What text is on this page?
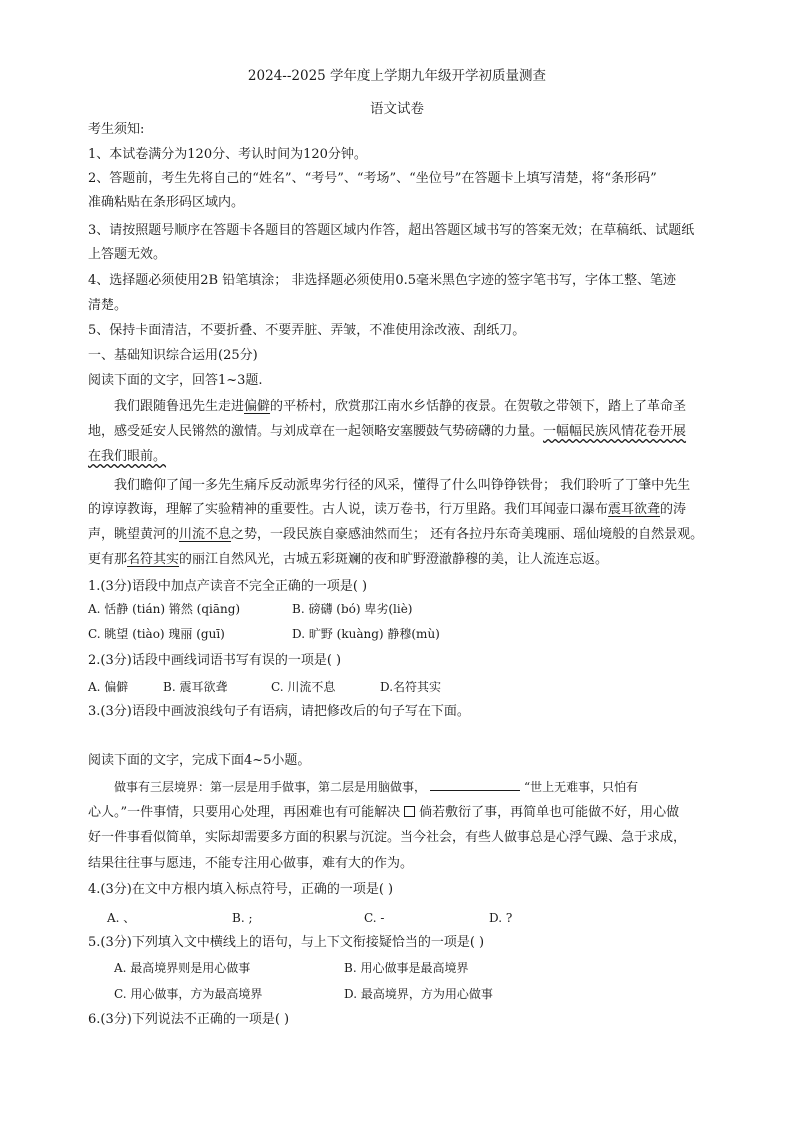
2024--2025 学年度上学期九年级开学初质量测查
语文试卷
考生须知:
1、本试卷满分为120分、考认时间为120分钟。
2、答题前，考生先将自己的“姓名”、“考号”、“考场”、“坐位号”在答题卡上填写清楚，将“条形码”
准确粘贴在条形码区域内。
3、请按照题号顺序在答题卡各题目的答题区域内作答，超出答题区域书写的答案无效；在草稿纸、试题纸
上答题无效。
4、选择题必须使用2B 铅笔填涂； 非选择题必须使用0.5毫米黑色字迹的签字笔书写，字体工整、笔迹
清楚。
5、保持卡面清洁，不要折叠、不要弄脏、弄皱，不准使用涂改液、刮纸刀。
一、基础知识综合运用(25分)
阅读下面的文字，回答1~3题.
我们跟随鲁迅先生走进偏僻的平桥村，欣赏那江南水乡恬静的夜景。在贺敬之带领下，踏上了革命圣
地，感受延安人民锵然的激情。与刘成章在一起领略安塞腰鼓气势磅礴的力量。一幅幅民族风情花卷开展
在我们眼前。
我们瞻仰了闻一多先生痛斥反动派卑劣行径的风采，懂得了什么叫铮铮铁骨； 我们聆听了丁肇中先生
的谆谆教诲，理解了实验精神的重要性。古人说，读万卷书，行万里路。我们耳闻壶口瀑布震耳欲聋的涛
声，眺望黄河的川流不息之势，一段民族自豪感油然而生； 还有各拉丹东奇美瑰丽、瑶仙境般的自然景观。
更有那名符其实的丽江自然风光，古城五彩斑斓的夜和旷野澄澈静穆的美，让人流连忘返。
1.(3分)语段中加点产读音不完全正确的一项是( )
A. 恬静 (tián) 锵然 (qiāng)	B. 磅礴 (bó) 卑劣(liè)
C. 眺望 (tiào) 瑰丽 (guī)	D. 旷野 (kuàng) 静穆(mù)
2.(3分)话段中画线词语书写有误的一项是( )
A. 偏僻	B. 震耳欲聋	C. 川流不息	D.名符其实
3.(3分)语段中画波浪线句子有语病，请把修改后的句子写在下面。
阅读下面的文字，完成下面4~5小题。
做事有三层境界：第一层是用手做事，第二层是用脑做事，	“世上无难事，只怕有
心人。”一件事情，只要用心处理，再困难也有可能解决 倘若敷衍了事，再简单也可能做不好，用心做
好一件事看似简单，实际却需要多方面的积累与沉淀。当今社会，有些人做事总是心浮气躁、急于求成，
结果往往事与愿违，不能专注用心做事，难有大的作为。
4.(3分)在文中方根内填入标点符号，正确的一项是( )
A. 、	B. ;	C. -	D. ?
5.(3分)下列填入文中横线上的语句，与上下文衔接疑恰当的一项是( )
A. 最高境界则是用心做事	B. 用心做事是最高境界
C. 用心做事，方为最高境界	D. 最高境界，方为用心做事
6.(3分)下列说法不正确的一项是( )
